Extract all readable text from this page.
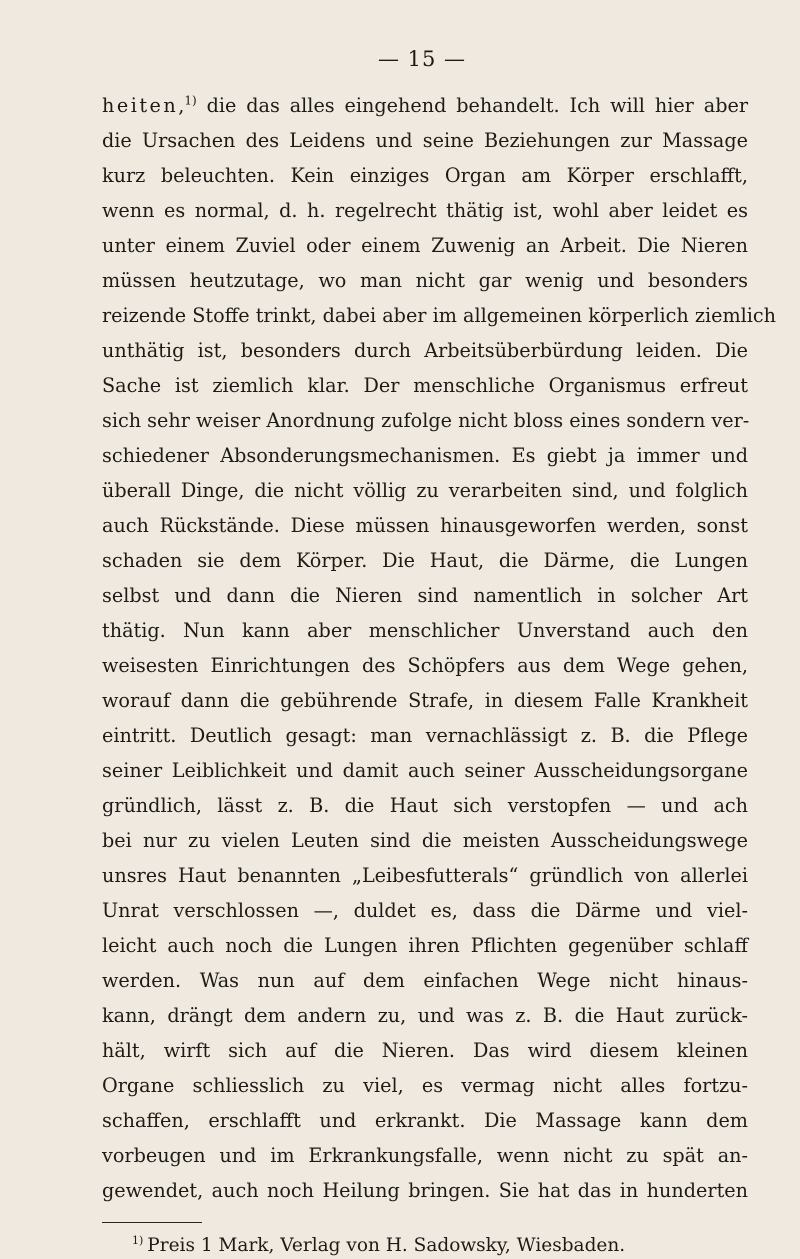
— 15 —
heiten,$^{1)}$ die das alles eingehend behandelt. Ich will hier aber
die Ursachen des Leidens und seine Beziehungen zur Massage
kurz beleuchten. Kein einziges Organ am Körper erschlafft,
wenn es normal, d. h. regelrecht thätig ist, wohl aber leidet es
unter einem Zuviel oder einem Zuwenig an Arbeit. Die Nieren
müssen heutzutage, wo man nicht gar wenig und besonders
reizende Stoffe trinkt, dabei aber im allgemeinen körperlich ziemlich
unthätig ist, besonders durch Arbeitsüberbürdung leiden. Die
Sache ist ziemlich klar. Der menschliche Organismus erfreut
sich sehr weiser Anordnung zufolge nicht bloss eines sondern ver-
schiedener Absonderungsmechanismen. Es giebt ja immer und
überall Dinge, die nicht völlig zu verarbeiten sind, und folglich
auch Rückstände. Diese müssen hinausgeworfen werden, sonst
schaden sie dem Körper. Die Haut, die Därme, die Lungen
selbst und dann die Nieren sind namentlich in solcher Art
thätig. Nun kann aber menschlicher Unverstand auch den
weisesten Einrichtungen des Schöpfers aus dem Wege gehen,
worauf dann die gebührende Strafe, in diesem Falle Krankheit
eintritt. Deutlich gesagt: man vernachlässigt z. B. die Pflege
seiner Leiblichkeit und damit auch seiner Ausscheidungsorgane
gründlich, lässt z. B. die Haut sich verstopfen — und ach
bei nur zu vielen Leuten sind die meisten Ausscheidungswege
unsres Haut benannten „Leibesfutterals“ gründlich von allerlei
Unrat verschlossen —, duldet es, dass die Därme und viel-
leicht auch noch die Lungen ihren Pflichten gegenüber schlaff
werden. Was nun auf dem einfachen Wege nicht hinaus-
kann, drängt dem andern zu, und was z. B. die Haut zurück-
hält, wirft sich auf die Nieren. Das wird diesem kleinen
Organe schliesslich zu viel, es vermag nicht alles fortzu-
schaffen, erschlafft und erkrankt. Die Massage kann dem
vorbeugen und im Erkrankungsfalle, wenn nicht zu spät an-
gewendet, auch noch Heilung bringen. Sie hat das in hunderten
$^{1)}$ Preis 1 Mark, Verlag von H. Sadowsky, Wiesbaden.
